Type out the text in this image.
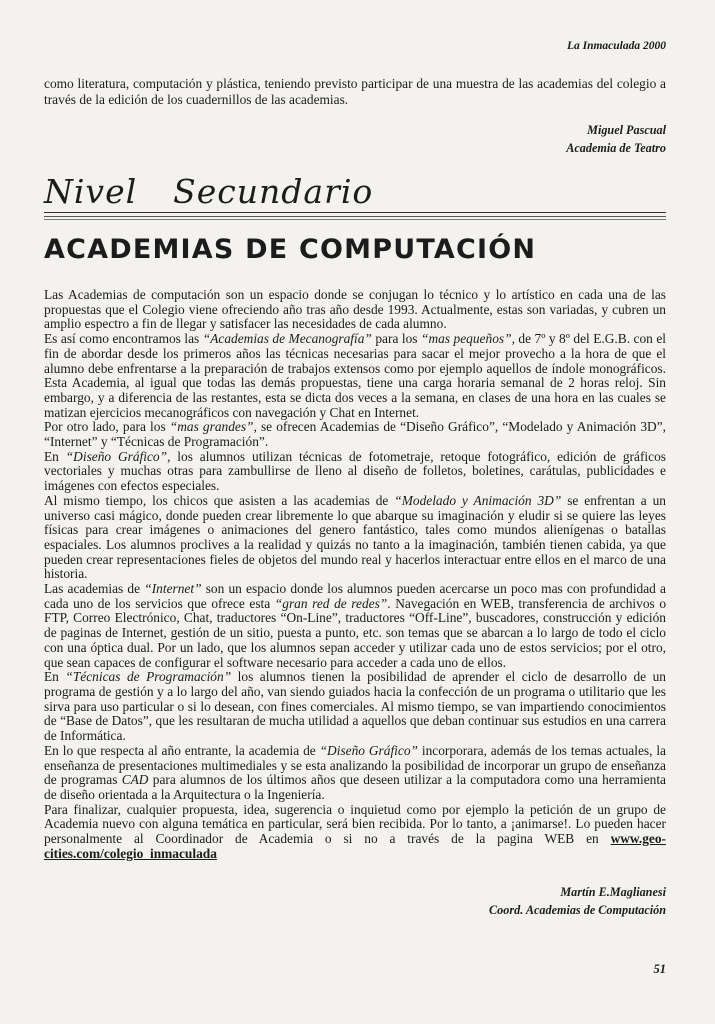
La Inmaculada 2000
como literatura, computación y plástica, teniendo previsto participar de una muestra de las academias del colegio a través de la edición de los cuadernillos de las academias.
Miguel Pascual
Academia de Teatro
Nivel Secundario
ACADEMIAS DE COMPUTACIÓN

Las Academias de computación son un espacio donde se conjugan lo técnico y lo artístico en cada una de las propuestas que el Colegio viene ofreciendo año tras año desde 1993. Actualmente, estas son variadas, y cubren un amplio espectro a fin de llegar y satisfacer las necesidades de cada alumno.

Es así como encontramos las “Academias de Mecanografía” para los “mas pequeños”, de 7º y 8º del E.G.B. con el fin de abordar desde los primeros años las técnicas necesarias para sacar el mejor provecho a la hora de que el alumno debe enfrentarse a la preparación de trabajos extensos como por ejemplo aquellos de índole monográficos. Esta Academia, al igual que todas las demás propuestas, tiene una carga horaria semanal de 2 horas reloj. Sin embargo, y a diferencia de las restantes, esta se dicta dos veces a la semana, en clases de una hora en las cuales se matizan ejercicios mecanográficos con navegación y Chat en Internet.

Por otro lado, para los “mas grandes”, se ofrecen Academias de “Diseño Gráfico”, “Modelado y Animación 3D”, “Internet” y “Técnicas de Programación”.

En “Diseño Gráfico”, los alumnos utilizan técnicas de fotometraje, retoque fotográfico, edición de gráficos vectoriales y muchas otras para zambullirse de lleno al diseño de folletos, boletines, carátulas, publicidades e imágenes con efectos especiales.

Al mismo tiempo, los chicos que asisten a las academias de “Modelado y Animación 3D” se enfrentan a un universo casi mágico, donde pueden crear libremente lo que abarque su imaginación y eludir si se quiere las leyes físicas para crear imágenes o animaciones del genero fantástico, tales como mundos alienígenas o batallas espaciales. Los alumnos proclives a la realidad y quizás no tanto a la imaginación, también tienen cabida, ya que pueden crear representaciones fieles de objetos del mundo real y hacerlos interactuar entre ellos en el marco de una historia.

Las academias de “Internet” son un espacio donde los alumnos pueden acercarse un poco mas con profundidad a cada uno de los servicios que ofrece esta “gran red de redes”. Navegación en WEB, transferencia de archivos o FTP, Correo Electrónico, Chat, traductores “On-Line”, traductores “Off-Line”, buscadores, construcción y edición de paginas de Internet, gestión de un sitio, puesta a punto, etc. son temas que se abarcan a lo largo de todo el ciclo con una óptica dual. Por un lado, que los alumnos sepan acceder y utilizar cada uno de estos servicios; por el otro, que sean capaces de configurar el software necesario para acceder a cada uno de ellos.

En “Técnicas de Programación” los alumnos tienen la posibilidad de aprender el ciclo de desarrollo de un programa de gestión y a lo largo del año, van siendo guiados hacia la confección de un programa o utilitario que les sirva para uso particular o si lo desean, con fines comerciales. Al mismo tiempo, se van impartiendo conocimientos de “Base de Datos”, que les resultaran de mucha utilidad a aquellos que deban continuar sus estudios en una carrera de Informática.

En lo que respecta al año entrante, la academia de “Diseño Gráfico” incorporara, además de los temas actuales, la enseñanza de presentaciones multimediales y se esta analizando la posibilidad de incorporar un grupo de enseñanza de programas CAD para alumnos de los últimos años que deseen utilizar a la computadora como una herramienta de diseño orientada a la Arquitectura o la Ingeniería.

Para finalizar, cualquier propuesta, idea, sugerencia o inquietud como por ejemplo la petición de un grupo de Academia nuevo con alguna temática en particular, será bien recibida. Por lo tanto, a ¡animarse!. Lo pueden hacer personalmente al Coordinador de Academia o si no a través de la pagina WEB en www.geo-cities.com/colegio_inmaculada

Martín E.Maglianesi
Coord. Academias de Computación
51
